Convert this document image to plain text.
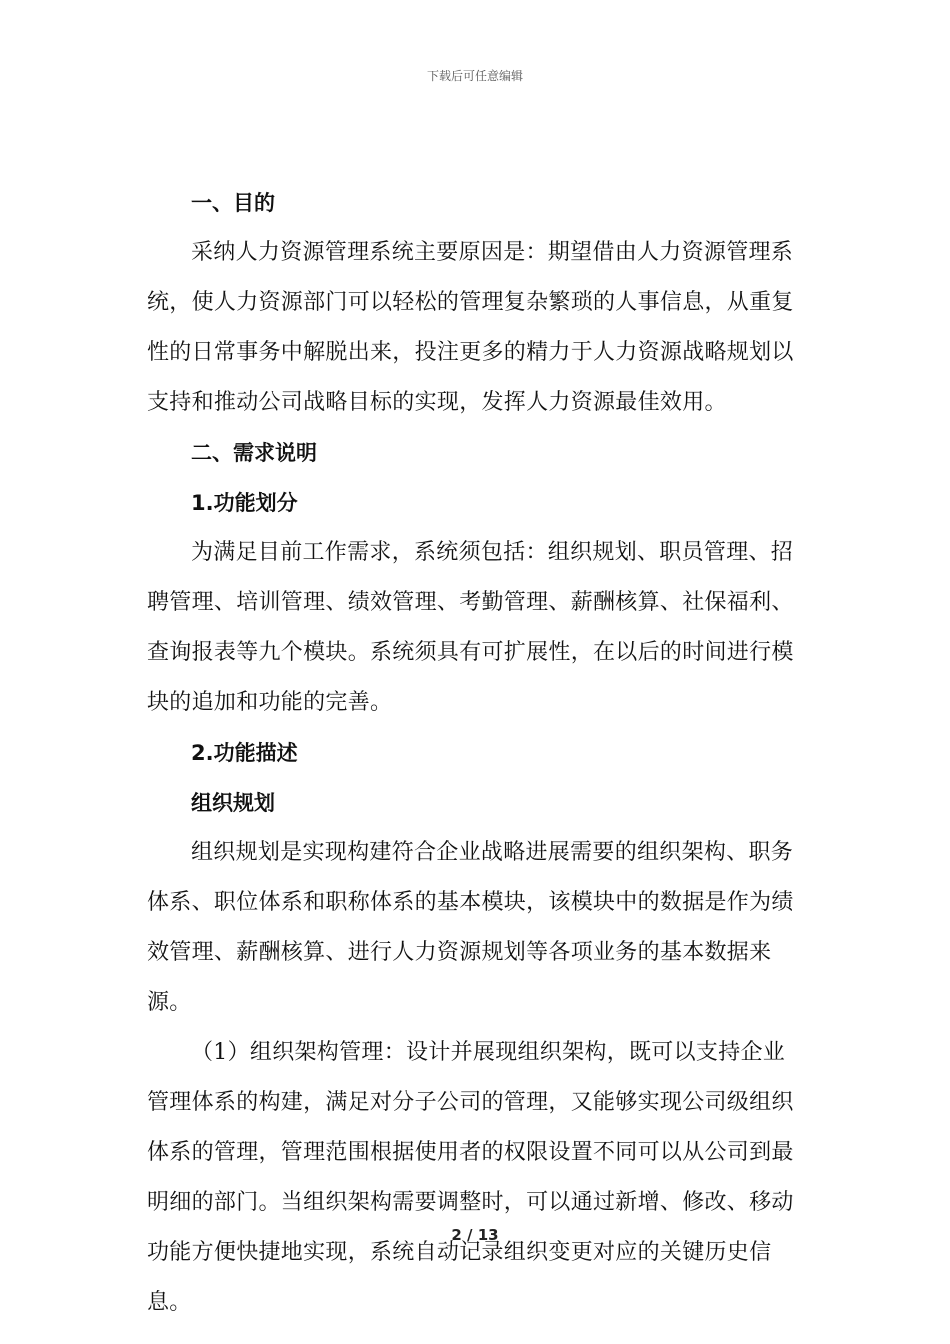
下载后可任意编辑
一、目的

采纳人力资源管理系统主要原因是：期望借由人力资源管理系统，使人力资源部门可以轻松的管理复杂繁琐的人事信息，从重复性的日常事务中解脱出来，投注更多的精力于人力资源战略规划以支持和推动公司战略目标的实现，发挥人力资源最佳效用。

二、需求说明
1.功能划分

为满足目前工作需求，系统须包括：组织规划、职员管理、招聘管理、培训管理、绩效管理、考勤管理、薪酬核算、社保福利、查询报表等九个模块。系统须具有可扩展性，在以后的时间进行模块的追加和功能的完善。

2.功能描述
组织规划

组织规划是实现构建符合企业战略进展需要的组织架构、职务体系、职位体系和职称体系的基本模块，该模块中的数据是作为绩效管理、薪酬核算、进行人力资源规划等各项业务的基本数据来源。

（1）组织架构管理：设计并展现组织架构，既可以支持企业管理体系的构建，满足对分子公司的管理，又能够实现公司级组织体系的管理，管理范围根据使用者的权限设置不同可以从公司到最明细的部门。当组织架构需要调整时，可以通过新增、修改、移动功能方便快捷地实现，系统自动记录组织变更对应的关键历史信息。

2 / 13
